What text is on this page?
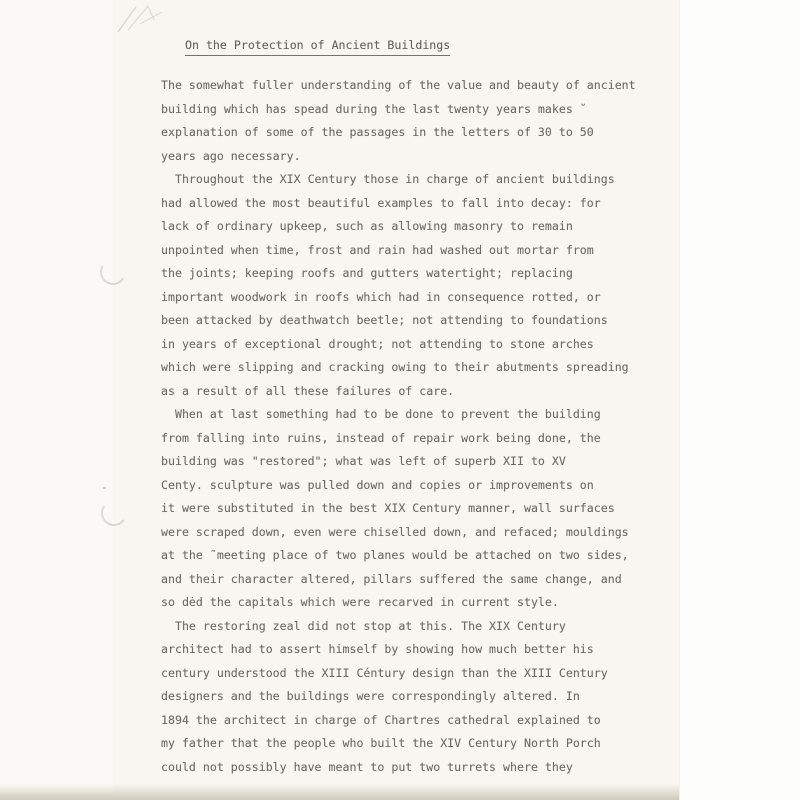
-
On the Protection of Ancient Buildings
The somewhat fuller understanding of the value and beauty of ancient
building which has spead during the last twenty years makes ˘
explanation of some of the passages in the letters of 30 to 50
years ago necessary.
Throughout the XIX Century those in charge of ancient buildings
had allowed the most beautiful examples to fall into decay: for
lack of ordinary upkeep, such as allowing masonry to remain
unpointed when time, frost and rain had washed out mortar from
the joints; keeping roofs and gutters watertight; replacing
important woodwork in roofs which had in consequence rotted, or
been attacked by deathwatch beetle; not attending to foundations
in years of exceptional drought; not attending to stone arches
which were slipping and cracking owing to their abutments spreading
as a result of all these failures of care.
When at last something had to be done to prevent the building
from falling into ruins, instead of repair work being done, the
building was "restored"; what was left of superb XII to XV
Centy. sculpture was pulled down and copies or improvements on
it were substituted in the best XIX Century manner, wall surfaces
were scraped down, even were chiselled down, and refaced; mouldings
at the ˜meeting place of two planes would be attached on two sides,
and their character altered, pillars suffered the same change, and
so dėd the capitals which were recarved in current style.
The restoring zeal did not stop at this. The XIX Century
architect had to assert himself by showing how much better his
century understood the XIII Céntury design than the XIII Century
designers and the buildings were correspondingly altered. In
1894 the architect in charge of Chartres cathedral explained to
my father that the people who built the XIV Century North Porch
could not possibly have meant to put two turrets where they
